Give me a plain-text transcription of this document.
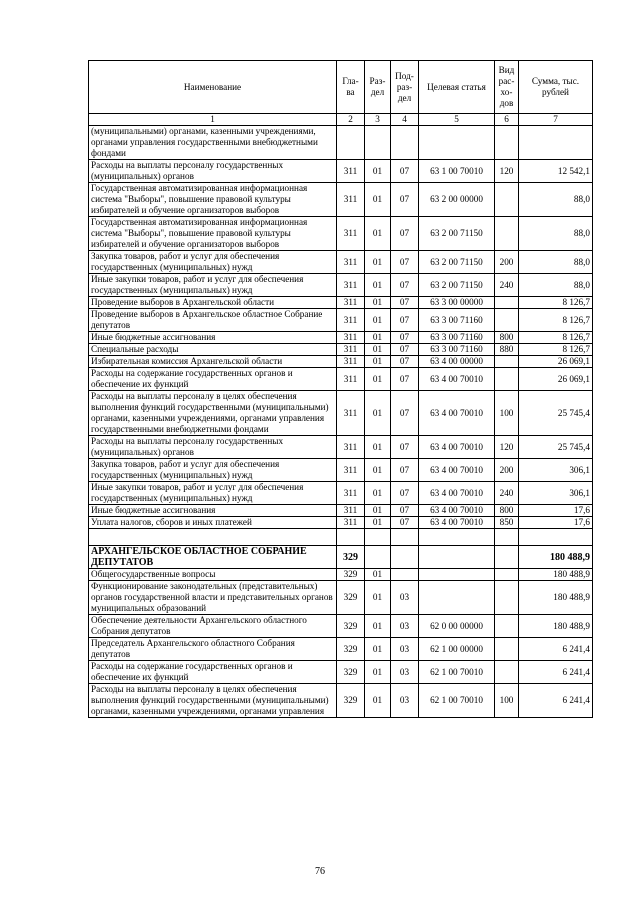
Наименование	Гла-ва	Раз-дел	Под-раз-дел	Целевая статья	Вид рас-хо-дов	Сумма, тыс. рублей
1	2	3	4	5	6	7
(муниципальными) органами, казенными учреждениями, органами управления государственными внебюджетными фондами						
Расходы на выплаты персоналу государственных (муниципальных) органов	311	01	07	63 1 00 70010	120	12 542,1
Государственная автоматизированная информационная система "Выборы", повышение правовой культуры избирателей и обучение организаторов выборов	311	01	07	63 2 00 00000		88,0
Государственная автоматизированная информационная система "Выборы", повышение правовой культуры избирателей и обучение организаторов выборов	311	01	07	63 2 00 71150		88,0
Закупка товаров, работ и услуг для обеспечения государственных (муниципальных) нужд	311	01	07	63 2 00 71150	200	88,0
Иные закупки товаров, работ и услуг для обеспечения государственных (муниципальных) нужд	311	01	07	63 2 00 71150	240	88,0
Проведение выборов в Архангельской области	311	01	07	63 3 00 00000		8 126,7
Проведение выборов в Архангельское областное Собрание депутатов	311	01	07	63 3 00 71160		8 126,7
Иные бюджетные ассигнования	311	01	07	63 3 00 71160	800	8 126,7
Специальные расходы	311	01	07	63 3 00 71160	880	8 126,7
Избирательная комиссия Архангельской области	311	01	07	63 4 00 00000		26 069,1
Расходы на содержание государственных органов и обеспечение их функций	311	01	07	63 4 00 70010		26 069,1
Расходы на выплаты персоналу в целях обеспечения выполнения функций государственными (муниципальными) органами, казенными учреждениями, органами управления государственными внебюджетными фондами	311	01	07	63 4 00 70010	100	25 745,4
Расходы на выплаты персоналу государственных (муниципальных) органов	311	01	07	63 4 00 70010	120	25 745,4
Закупка товаров, работ и услуг для обеспечения государственных (муниципальных) нужд	311	01	07	63 4 00 70010	200	306,1
Иные закупки товаров, работ и услуг для обеспечения государственных (муниципальных) нужд	311	01	07	63 4 00 70010	240	306,1
Иные бюджетные ассигнования	311	01	07	63 4 00 70010	800	17,6
Уплата налогов, сборов и иных платежей	311	01	07	63 4 00 70010	850	17,6

АРХАНГЕЛЬСКОЕ ОБЛАСТНОЕ СОБРАНИЕ ДЕПУТАТОВ	329					180 488,9
Общегосударственные вопросы	329	01				180 488,9
Функционирование законодательных (представительных) органов государственной власти и представительных органов муниципальных образований	329	01	03			180 488,9
Обеспечение деятельности Архангельского областного Собрания депутатов	329	01	03	62 0 00 00000		180 488,9
Председатель Архангельского областного Собрания депутатов	329	01	03	62 1 00 00000		6 241,4
Расходы на содержание государственных органов и обеспечение их функций	329	01	03	62 1 00 70010		6 241,4
Расходы на выплаты персоналу в целях обеспечения выполнения функций государственными (муниципальными) органами, казенными учреждениями, органами управления	329	01	03	62 1 00 70010	100	6 241,4
76
